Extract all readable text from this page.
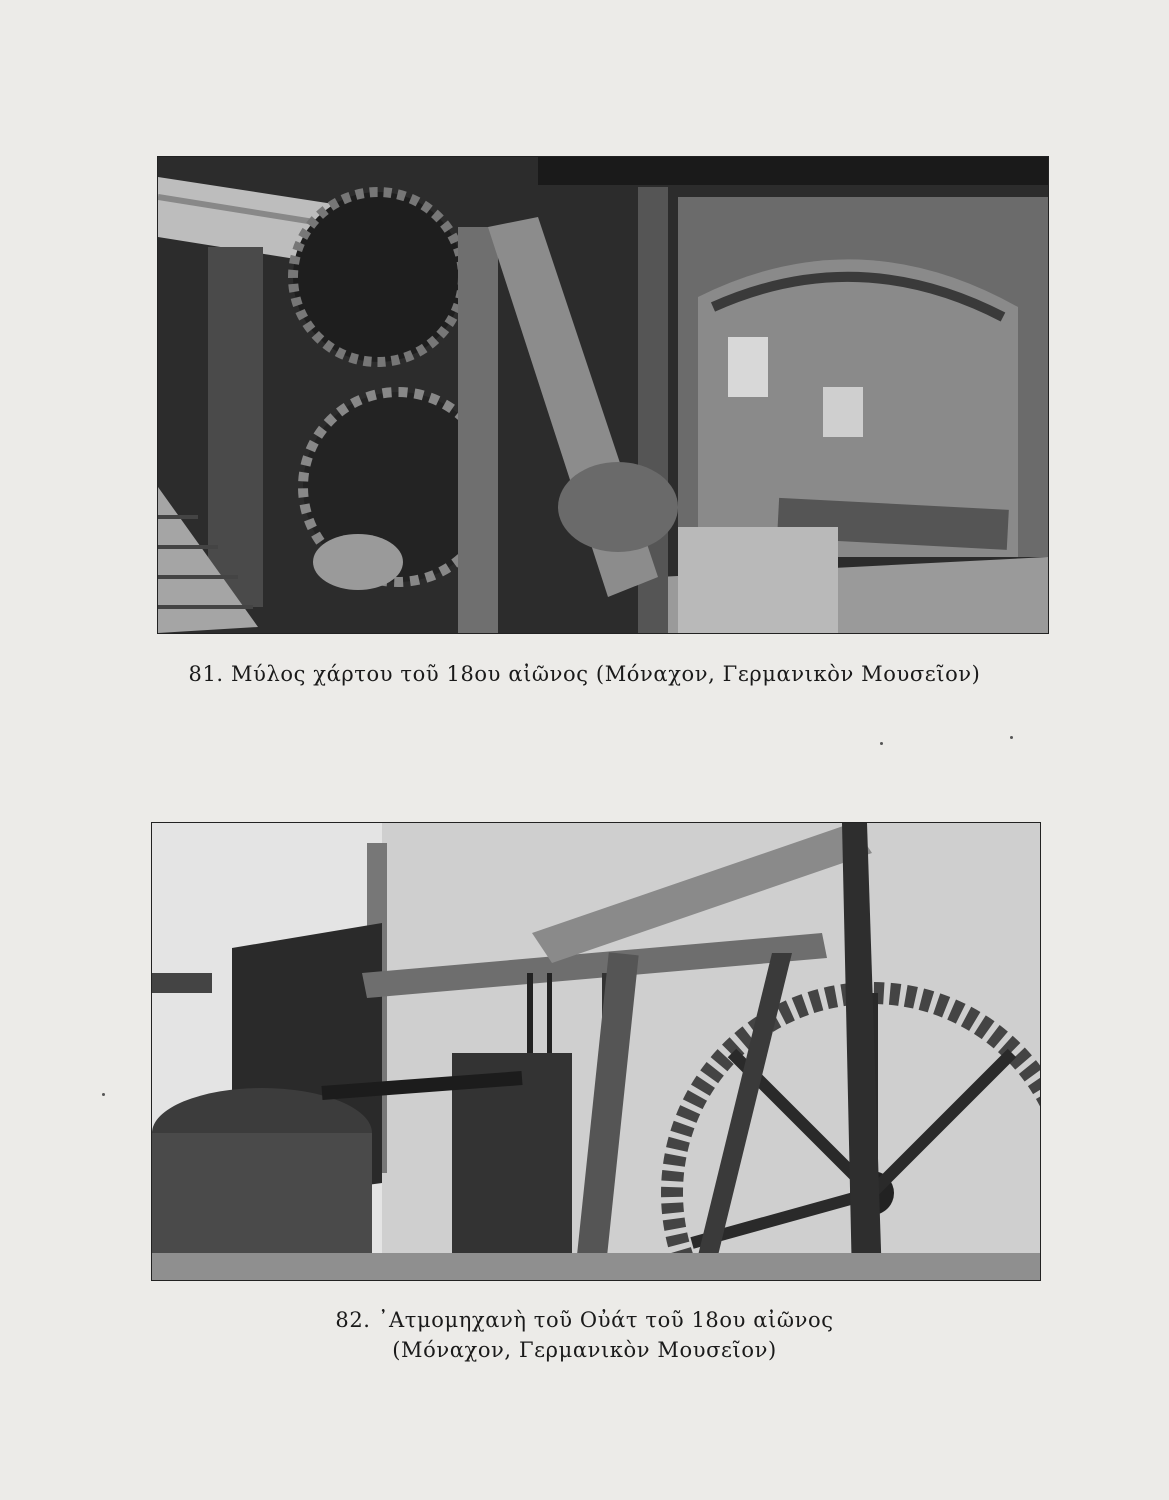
81. Μύλος χάρτου τοῦ 18ου αἰῶνος (Μόναχον, Γερμανικὸν Μουσεῖον)
82. ᾿Ατμομηχανὴ τοῦ Οὐάτ τοῦ 18ου αἰῶνος
(Μόναχον, Γερμανικὸν Μουσεῖον)
